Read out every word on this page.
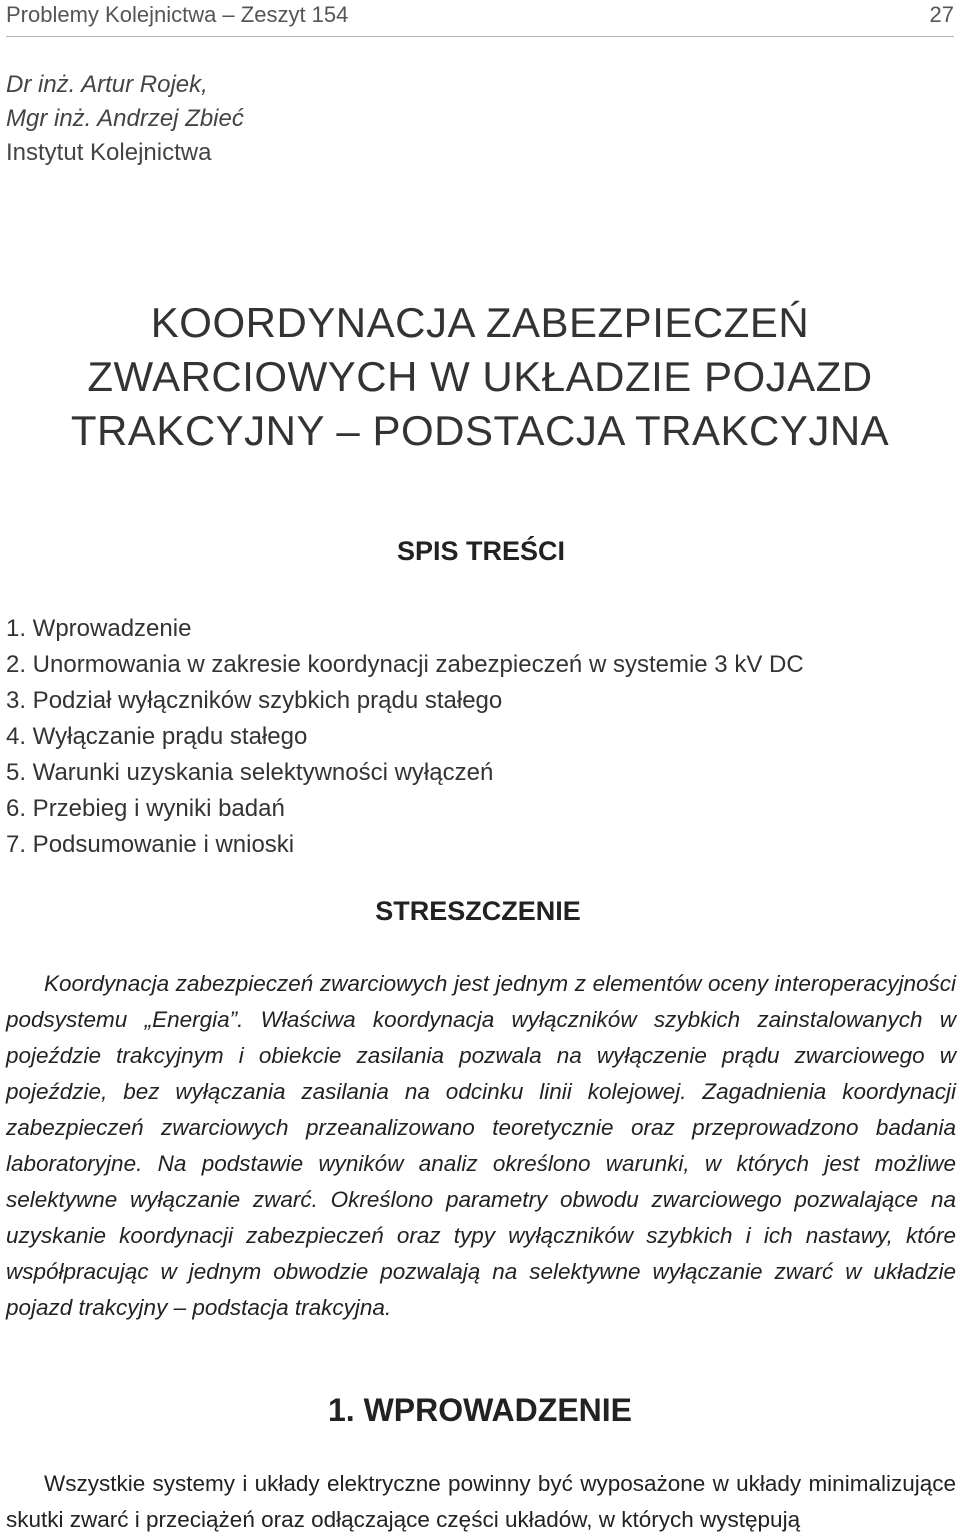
Problemy Kolejnictwa – Zeszyt 154	27
Dr inż. Artur Rojek,
Mgr inż. Andrzej Zbieć
Instytut Kolejnictwa
KOORDYNACJA ZABEZPIECZEŃ
ZWARCIOWYCH W UKŁADZIE POJAZD
TRAKCYJNY – PODSTACJA TRAKCYJNA
SPIS TREŚCI
1. Wprowadzenie
2. Unormowania w zakresie koordynacji zabezpieczeń w systemie 3 kV DC
3. Podział wyłączników szybkich prądu stałego
4. Wyłączanie prądu stałego
5. Warunki uzyskania selektywności wyłączeń
6. Przebieg i wyniki badań
7. Podsumowanie i wnioski
STRESZCZENIE

Koordynacja zabezpieczeń zwarciowych jest jednym z elementów oceny interoperacyjności podsystemu „Energia”. Właściwa koordynacja wyłączników szybkich zainstalowanych w pojeździe trakcyjnym i obiekcie zasilania pozwala na wyłączenie prądu zwarciowego w pojeździe, bez wyłączania zasilania na odcinku linii kolejowej. Zagadnienia koordynacji zabezpieczeń zwarciowych przeanalizowano teoretycznie oraz przeprowadzono badania laboratoryjne. Na podstawie wyników analiz określono warunki, w których jest możliwe selektywne wyłączanie zwarć. Określono parametry obwodu zwarciowego pozwalające na uzyskanie koordynacji zabezpieczeń oraz typy wyłączników szybkich i ich nastawy, które współpracując w jednym obwodzie pozwalają na selektywne wyłączanie zwarć w układzie pojazd trakcyjny – podstacja trakcyjna.

1. WPROWADZENIE

Wszystkie systemy i układy elektryczne powinny być wyposażone w układy minimalizujące skutki zwarć i przeciążeń oraz odłączające części układów, w których występują
